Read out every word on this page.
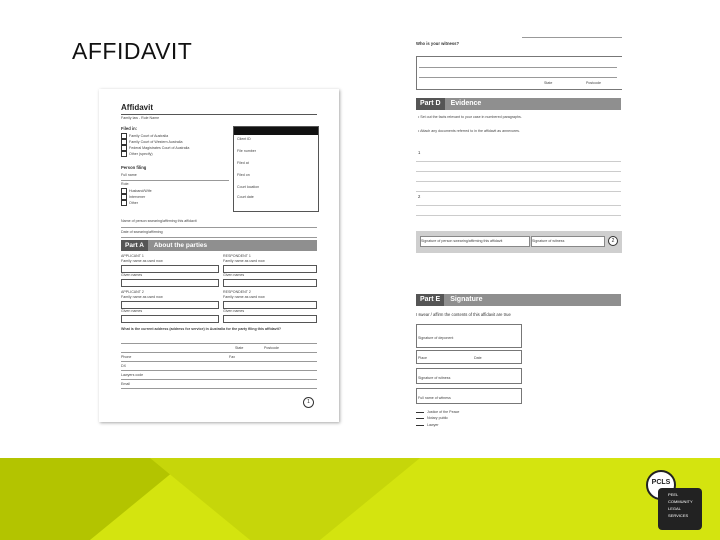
AFFIDAVIT
Affidavit
Family law - Rule Name
Filed in:
Family Court of Australia
Family Court of Western Australia
Federal Magistrates Court of Australia
Other (specify)
Person filing
Full name
Role:
Husband/Wife
Intervener
Other
Client ID
File number
Filed at
Filed on
Court location
Court date
Name of person swearing/affirming this affidavit
Date of swearing/affirming
Part A About the parties
APPLICANT 1
Family name as used now
Given names
RESPONDENT 1
Family name as used now
Given names
APPLICANT 2
Family name as used now
Given names
RESPONDENT 2
Family name as used now
Given names
What is the current address (address for service) in Australia for the party filing this affidavit?
State	Postcode
Phone	Fax
DX
Lawyers code
Email
1
Who is your witness?
State	Postcode
Part D Evidence
• Set out the facts relevant to your case in numbered paragraphs.
• Attach any documents referred to in the affidavit as annexures.
1
2
Signature of person swearing/affirming this affidavit	Signature of witness	2
Part E Signature
I swear / affirm the contents of this affidavit are true
Signature of deponent
Place	Date
Signature of witness
Full name of witness
Justice of the Peace
Notary public
Lawyer
PCLS
PEEL
COMMUNITY
LEGAL
SERVICES
